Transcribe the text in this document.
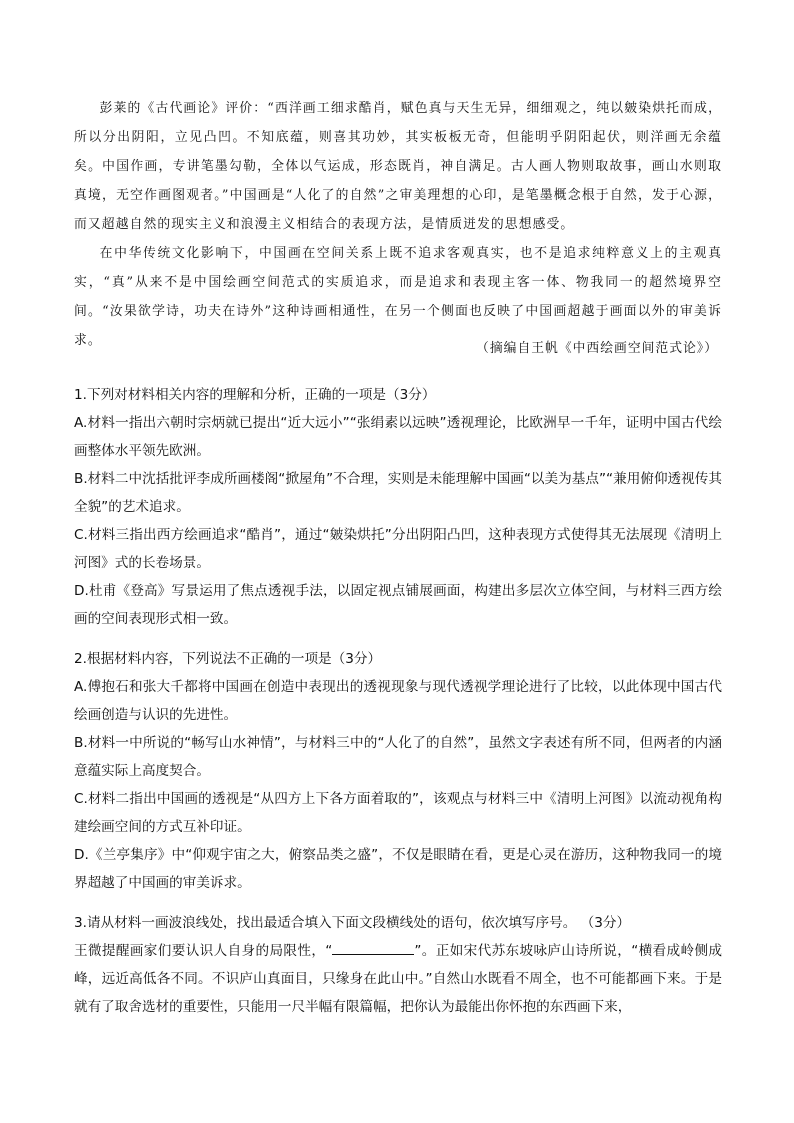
彭莱的《古代画论》评价：“西洋画工细求酷肖，赋色真与天生无异，细细观之，纯以皴染烘托而成，所以分出阴阳，立见凸凹。不知底蕴，则喜其功妙，其实板板无奇，但能明乎阴阳起伏，则洋画无余蕴矣。中国作画，专讲笔墨勾勒，全体以气运成，形态既肖，神自满足。古人画人物则取故事，画山水则取真境，无空作画图观者。”中国画是“人化了的自然”之审美理想的心印，是笔墨概念根于自然，发于心源，而又超越自然的现实主义和浪漫主义相结合的表现方法，是情质迸发的思想感受。

在中华传统文化影响下，中国画在空间关系上既不追求客观真实，也不是追求纯粹意义上的主观真实，“真”从来不是中国绘画空间范式的实质追求，而是追求和表现主客一体、物我同一的超然境界空间。“汝果欲学诗，功夫在诗外”这种诗画相通性，在另一个侧面也反映了中国画超越于画面以外的审美诉求。

（摘编自王帆《中西绘画空间范式论》）

1.下列对材料相关内容的理解和分析，正确的一项是（3分）

A.材料一指出六朝时宗炳就已提出“近大远小”“张绢素以远映”透视理论，比欧洲早一千年，证明中国古代绘画整体水平领先欧洲。

B.材料二中沈括批评李成所画楼阁“掀屋角”不合理，实则是未能理解中国画“以美为基点”“兼用俯仰透视传其全貌”的艺术追求。

C.材料三指出西方绘画追求“酷肖”，通过“皴染烘托”分出阴阳凸凹，这种表现方式使得其无法展现《清明上河图》式的长卷场景。

D.杜甫《登高》写景运用了焦点透视手法，以固定视点铺展画面，构建出多层次立体空间，与材料三西方绘画的空间表现形式相一致。

2.根据材料内容，下列说法不正确的一项是（3分）

A.傅抱石和张大千都将中国画在创造中表现出的透视现象与现代透视学理论进行了比较，以此体现中国古代绘画创造与认识的先进性。

B.材料一中所说的“畅写山水神情”，与材料三中的“人化了的自然”，虽然文字表述有所不同，但两者的内涵意蕴实际上高度契合。

C.材料二指出中国画的透视是“从四方上下各方面着取的”，该观点与材料三中《清明上河图》以流动视角构建绘画空间的方式互补印证。

D.《兰亭集序》中“仰观宇宙之大，俯察品类之盛”，不仅是眼睛在看，更是心灵在游历，这种物我同一的境界超越了中国画的审美诉求。

3.请从材料一画波浪线处，找出最适合填入下面文段横线处的语句，依次填写序号。 （3分）

王微提醒画家们要认识人自身的局限性，“	”。正如宋代苏东坡咏庐山诗所说，“横看成岭侧成峰，远近高低各不同。不识庐山真面目，只缘身在此山中。”自然山水既看不周全，也不可能都画下来。于是就有了取舍选材的重要性，只能用一尺半幅有限篇幅，把你认为最能出你怀抱的东西画下来，
